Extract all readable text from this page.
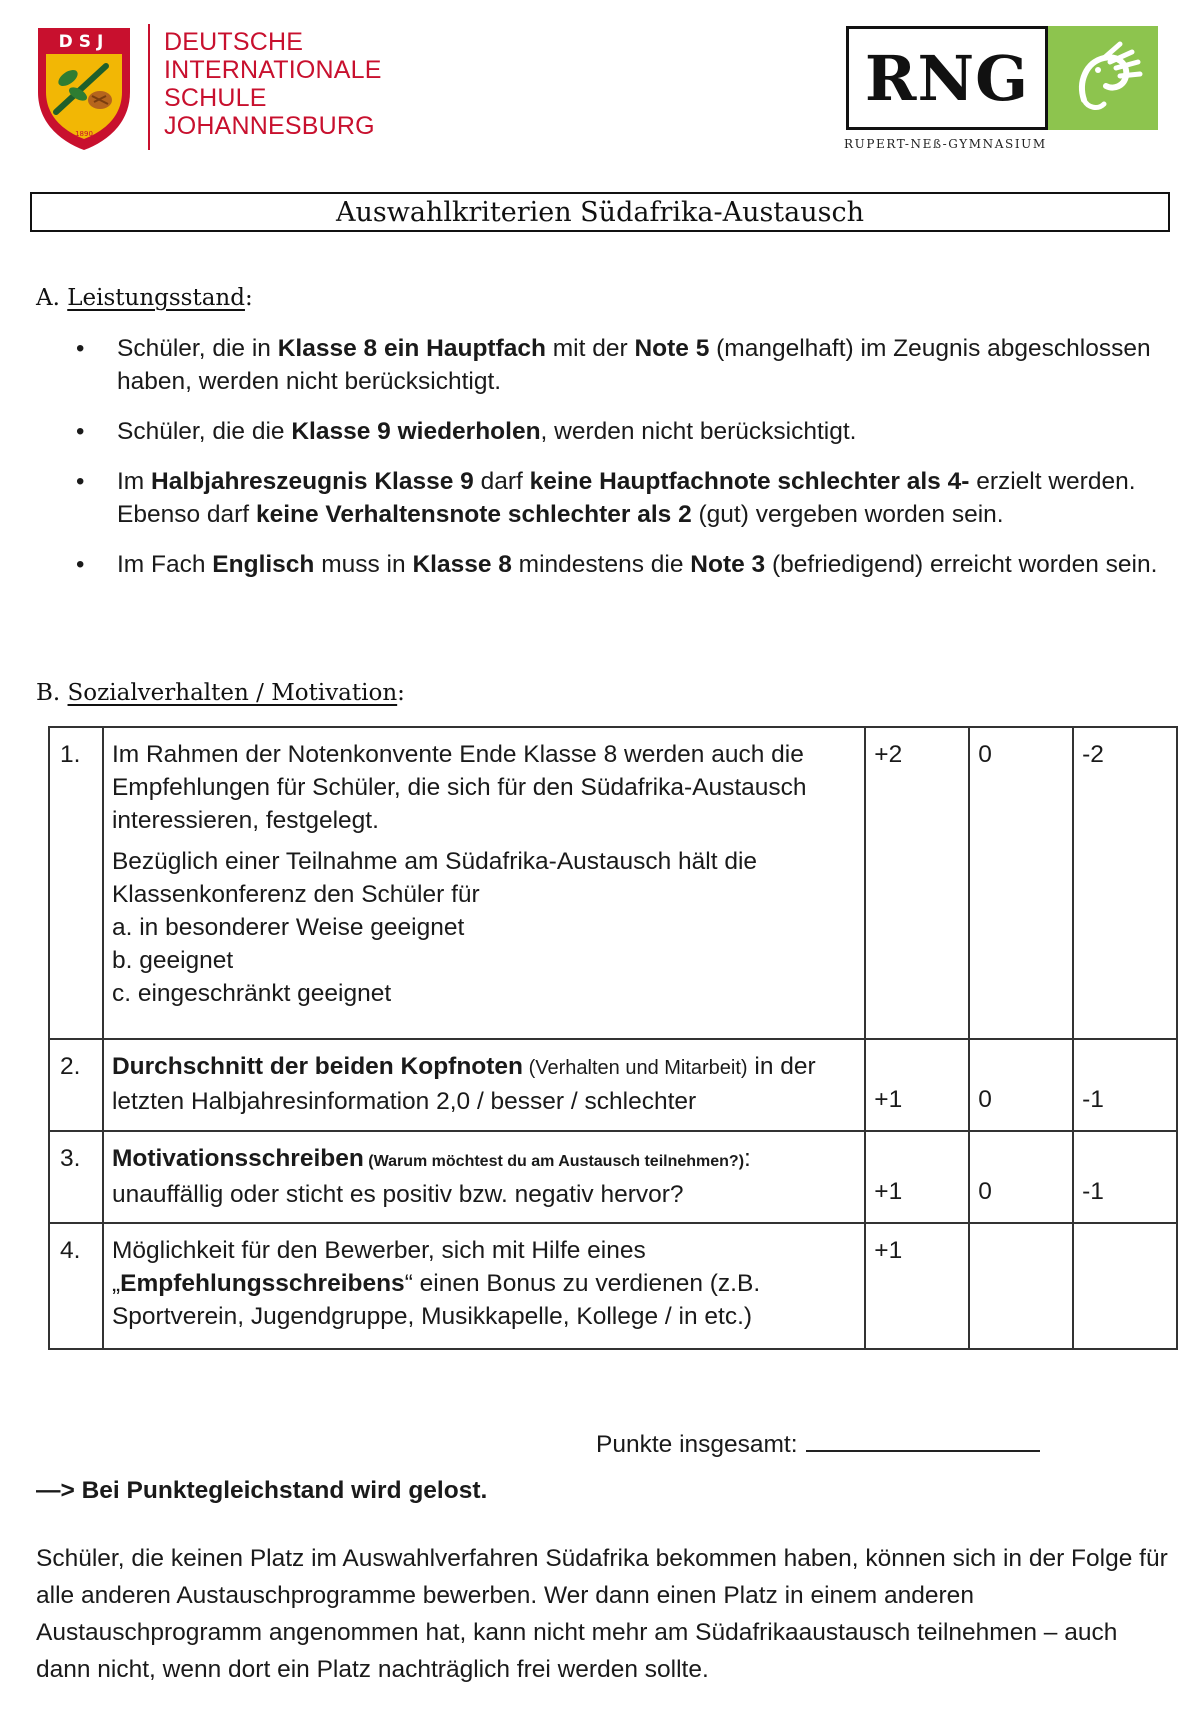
DSJ
1890
DEUTSCHE
INTERNATIONALE
SCHULE
JOHANNESBURG
RNG
RUPERT-NEß-GYMNASIUM
Auswahlkriterien Südafrika-Austausch
A. Leistungsstand:
• Schüler, die in Klasse 8 ein Hauptfach mit der Note 5 (mangelhaft) im Zeugnis abgeschlossen haben, werden nicht berücksichtigt.
• Schüler, die die Klasse 9 wiederholen, werden nicht berücksichtigt.
• Im Halbjahreszeugnis Klasse 9 darf keine Hauptfachnote schlechter als 4- erzielt werden. Ebenso darf keine Verhaltensnote schlechter als 2 (gut) vergeben worden sein.
• Im Fach Englisch muss in Klasse 8 mindestens die Note 3 (befriedigend) erreicht worden sein.
B. Sozialverhalten / Motivation:
1.	Im Rahmen der Notenkonvente Ende Klasse 8 werden auch die Empfehlungen für Schüler, die sich für den Südafrika-Austausch interessieren, festgelegt.
Bezüglich einer Teilnahme am Südafrika-Austausch hält die Klassenkonferenz den Schüler für
a. in besonderer Weise geeignet
b. geeignet
c. eingeschränkt geeignet	+2	0	-2
2.	Durchschnitt der beiden Kopfnoten (Verhalten und Mitarbeit) in der letzten Halbjahresinformation 2,0 / besser / schlechter	+1	0	-1
3.	Motivationsschreiben (Warum möchtest du am Austausch teilnehmen?): unauffällig oder sticht es positiv bzw. negativ hervor?	+1	0	-1
4.	Möglichkeit für den Bewerber, sich mit Hilfe eines „Empfehlungsschreibens“ einen Bonus zu verdienen (z.B. Sportverein, Jugendgruppe, Musikkapelle, Kollege / in etc.)	+1		
Punkte insgesamt:
—> Bei Punktegleichstand wird gelost.
Schüler, die keinen Platz im Auswahlverfahren Südafrika bekommen haben, können sich in der Folge für alle anderen Austauschprogramme bewerben. Wer dann einen Platz in einem anderen Austauschprogramm angenommen hat, kann nicht mehr am Südafrikaaustausch teilnehmen – auch dann nicht, wenn dort ein Platz nachträglich frei werden sollte.
